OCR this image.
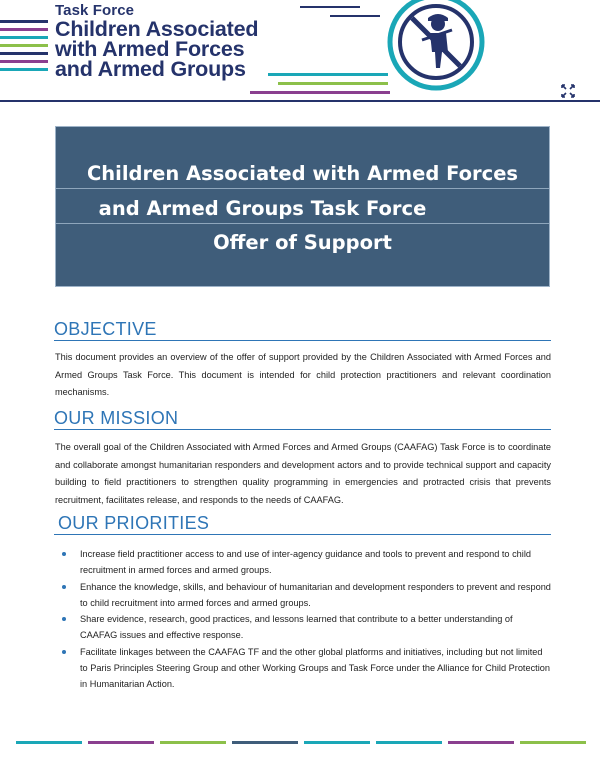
Task Force
Children Associated
with Armed Forces
and Armed Groups
Children Associated with Armed Forces
and Armed Groups Task Force
Offer of Support
OBJECTIVE
This document provides an overview of the offer of support provided by the Children Associated with Armed Forces and Armed Groups Task Force. This document is intended for child protection practitioners and relevant coordination mechanisms.
OUR MISSION
The overall goal of the Children Associated with Armed Forces and Armed Groups (CAAFAG) Task Force is to coordinate and collaborate amongst humanitarian responders and development actors and to provide technical support and capacity building to field practitioners to strengthen quality programming in emergencies and protracted crisis that prevents recruitment, facilitates release, and responds to the needs of CAAFAG.
OUR PRIORITIES
Increase field practitioner access to and use of inter-agency guidance and tools to prevent and respond to child recruitment in armed forces and armed groups.
Enhance the knowledge, skills, and behaviour of humanitarian and development responders to prevent and respond to child recruitment into armed forces and armed groups.
Share evidence, research, good practices, and lessons learned that contribute to a better understanding of CAAFAG issues and effective response.
Facilitate linkages between the CAAFAG TF and the other global platforms and initiatives, including but not limited to Paris Principles Steering Group and other Working Groups and Task Force under the Alliance for Child Protection in Humanitarian Action.
